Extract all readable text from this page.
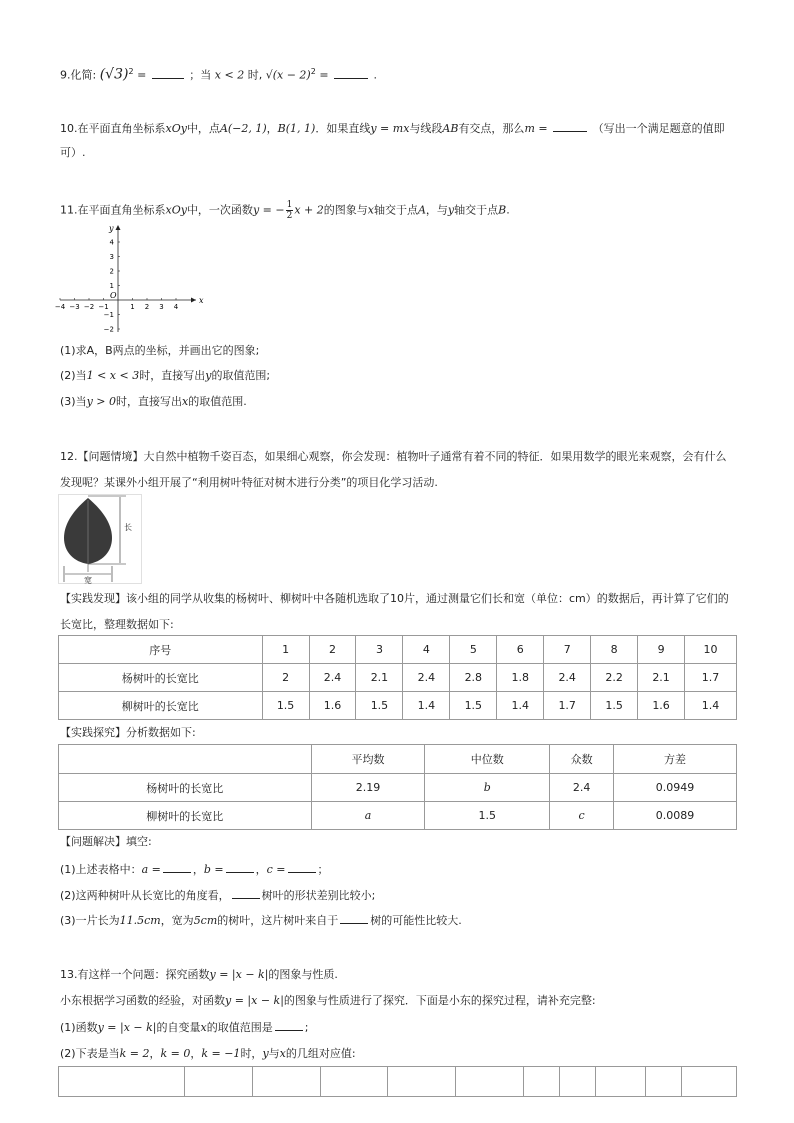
9.化简: $(√3)^2$ =	；当 x < 2 时, $√(x - 2)^2$ =	.
10.在平面直角坐标系xOy中，点A(−2, 1)，B(1, 1)．如果直线y = mx与线段AB有交点，那么m =	（写出一个满足题意的值即
可）.
11.在平面直角坐标系xOy中，一次函数y = − $\frac{1}{2}$ x + 2的图象与x轴交于点A，与y轴交于点B.
x
y
O
−4 −3 −2 −1	1 2 3 4
4
3
2
1
−1
−2
(1)求A，B两点的坐标，并画出它的图象;
(2)当1 < x < 3时，直接写出y的取值范围;
(3)当y > 0时，直接写出x的取值范围.
12.【问题情境】大自然中植物千姿百态，如果细心观察，你会发现：植物叶子通常有着不同的特征．如果用数学的眼光来观察，会有什么
发现呢？某课外小组开展了“利用树叶特征对树木进行分类”的项目化学习活动.
长
宽
【实践发现】该小组的同学从收集的杨树叶、柳树叶中各随机选取了10片，通过测量它们长和宽（单位：cm）的数据后，再计算了它们的
长宽比，整理数据如下:
序号	1	2	3	4	5	6	7	8	9	10
杨树叶的长宽比	2	2.4	2.1	2.4	2.8	1.8	2.4	2.2	2.1	1.7
柳树叶的长宽比	1.5	1.6	1.5	1.4	1.5	1.4	1.7	1.5	1.6	1.4
【实践探究】分析数据如下:
	平均数	中位数	众数	方差
杨树叶的长宽比	2.19	b	2.4	0.0949
柳树叶的长宽比	a	1.5	c	0.0089
【问题解决】填空:
(1)上述表格中：a =	，b =	，c =	；
(2)这两种树叶从长宽比的角度看，	树叶的形状差别比较小;
(3)一片长为11.5cm，宽为5cm的树叶，这片树叶来自于	树的可能性比较大.
13.有这样一个问题：探究函数y = |x − k|的图象与性质.
小东根据学习函数的经验，对函数y = |x − k|的图象与性质进行了探究．下面是小东的探究过程，请补充完整:
(1)函数y = |x − k|的自变量x的取值范围是	;
(2)下表是当k = 2，k = 0，k = −1时，y与x的几组对应值:
